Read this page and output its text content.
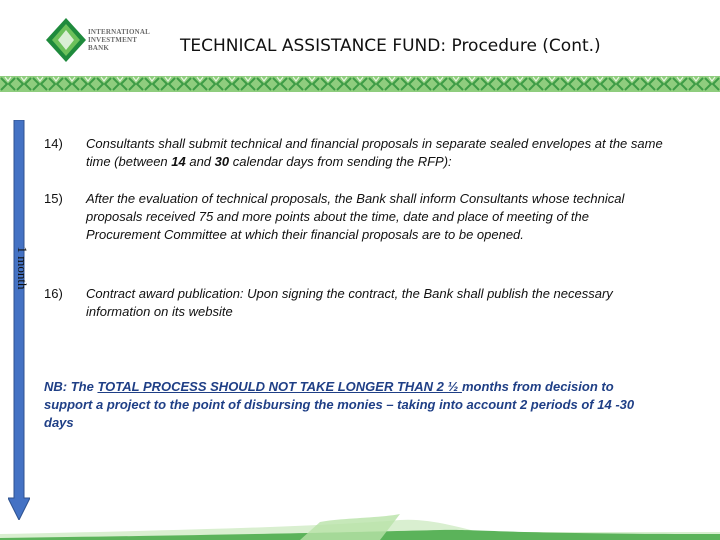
INTERNATIONAL
INVESTMENT
BANK	TECHNICAL ASSISTANCE FUND: Procedure (Cont.)
1 month
14)	Consultants shall submit technical and financial proposals in separate sealed envelopes at the same time (between 14 and 30 calendar days from sending the RFP):
15)	After the evaluation of technical proposals, the Bank shall inform Consultants whose technical proposals received 75 and more points about the time, date and place of meeting of the Procurement Committee at which their financial proposals are to be opened.
16)	Contract award publication: Upon signing the contract, the Bank shall publish the necessary information on its website
NB: The TOTAL PROCESS SHOULD NOT TAKE LONGER THAN 2 ½ months from decision to support a project to the point of disbursing the monies – taking into account 2 periods of 14 -30 days
